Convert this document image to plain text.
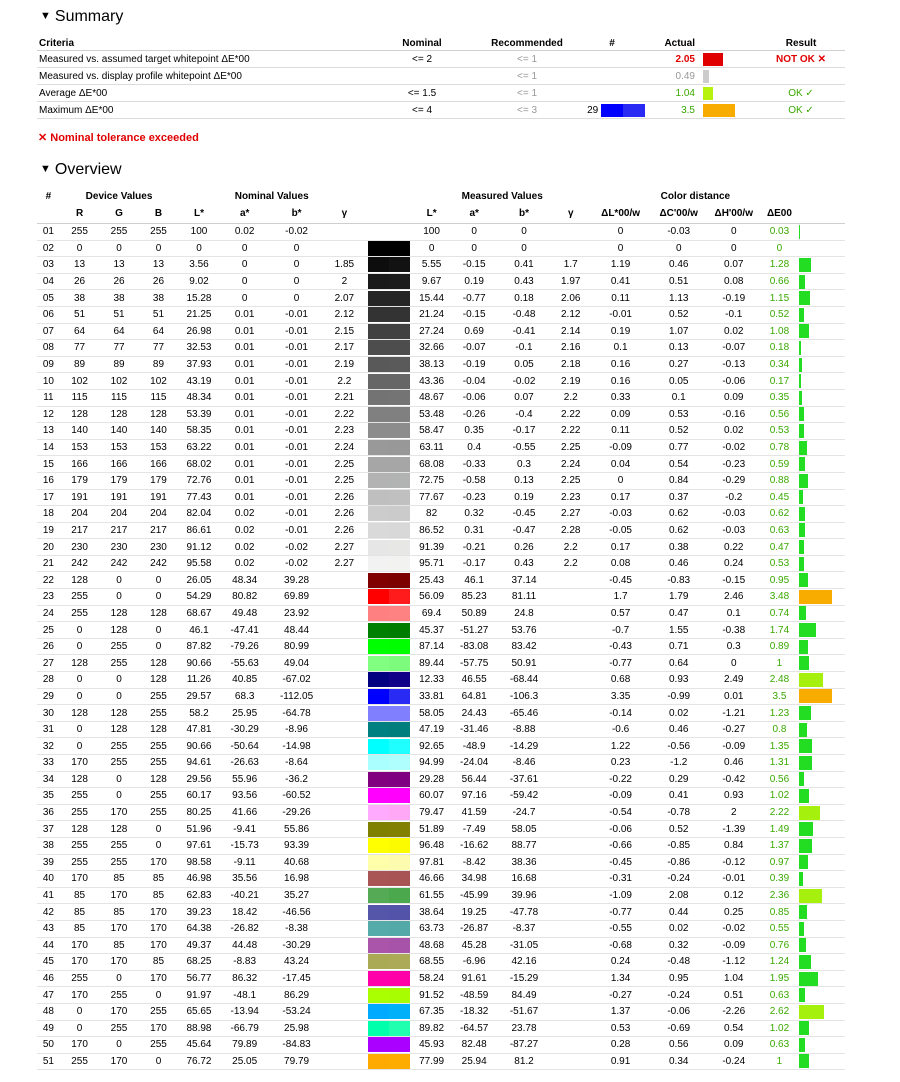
▼ Summary
Criteria	Nominal	Recommended	#	Actual		Result
Measured vs. assumed target whitepoint ΔE*00	<= 2	<= 1		2.05		NOT OK ✕
Measured vs. display profile whitepoint ΔE*00		<= 1		0.49		
Average ΔE*00	<= 1.5	<= 1		1.04		OK ✓
Maximum ΔE*00	<= 4	<= 3	29	3.5		OK ✓
✕ Nominal tolerance exceeded
▼ Overview
#	Device Values			Nominal Values					Measured Values				Color distance				
	R	G	B	L*	a*	b*	γ		L*	a*	b*	γ	ΔL*00/w	ΔC'00/w	ΔH'00/w	ΔE00	
01	255	255	255	100	0.02	-0.02			100	0	0		0	-0.03	0	0.03	

02	0	0	0	0	0	0			0	0	0		0	0	0	0	

03	13	13	13	3.56	0	0	1.85		5.55	-0.15	0.41	1.7	1.19	0.46	0.07	1.28	

04	26	26	26	9.02	0	0	2		9.67	0.19	0.43	1.97	0.41	0.51	0.08	0.66	

05	38	38	38	15.28	0	0	2.07		15.44	-0.77	0.18	2.06	0.11	1.13	-0.19	1.15	

06	51	51	51	21.25	0.01	-0.01	2.12		21.24	-0.15	-0.48	2.12	-0.01	0.52	-0.1	0.52	

07	64	64	64	26.98	0.01	-0.01	2.15		27.24	0.69	-0.41	2.14	0.19	1.07	0.02	1.08	

08	77	77	77	32.53	0.01	-0.01	2.17		32.66	-0.07	-0.1	2.16	0.1	0.13	-0.07	0.18	

09	89	89	89	37.93	0.01	-0.01	2.19		38.13	-0.19	0.05	2.18	0.16	0.27	-0.13	0.34	

10	102	102	102	43.19	0.01	-0.01	2.2		43.36	-0.04	-0.02	2.19	0.16	0.05	-0.06	0.17	

11	115	115	115	48.34	0.01	-0.01	2.21		48.67	-0.06	0.07	2.2	0.33	0.1	0.09	0.35	

12	128	128	128	53.39	0.01	-0.01	2.22		53.48	-0.26	-0.4	2.22	0.09	0.53	-0.16	0.56	

13	140	140	140	58.35	0.01	-0.01	2.23		58.47	0.35	-0.17	2.22	0.11	0.52	0.02	0.53	

14	153	153	153	63.22	0.01	-0.01	2.24		63.11	0.4	-0.55	2.25	-0.09	0.77	-0.02	0.78	

15	166	166	166	68.02	0.01	-0.01	2.25		68.08	-0.33	0.3	2.24	0.04	0.54	-0.23	0.59	

16	179	179	179	72.76	0.01	-0.01	2.25		72.75	-0.58	0.13	2.25	0	0.84	-0.29	0.88	

17	191	191	191	77.43	0.01	-0.01	2.26		77.67	-0.23	0.19	2.23	0.17	0.37	-0.2	0.45	

18	204	204	204	82.04	0.02	-0.01	2.26		82	0.32	-0.45	2.27	-0.03	0.62	-0.03	0.62	

19	217	217	217	86.61	0.02	-0.01	2.26		86.52	0.31	-0.47	2.28	-0.05	0.62	-0.03	0.63	

20	230	230	230	91.12	0.02	-0.02	2.27		91.39	-0.21	0.26	2.2	0.17	0.38	0.22	0.47	

21	242	242	242	95.58	0.02	-0.02	2.27		95.71	-0.17	0.43	2.2	0.08	0.46	0.24	0.53	

22	128	0	0	26.05	48.34	39.28			25.43	46.1	37.14		-0.45	-0.83	-0.15	0.95	

23	255	0	0	54.29	80.82	69.89			56.09	85.23	81.11		1.7	1.79	2.46	3.48	

24	255	128	128	68.67	49.48	23.92			69.4	50.89	24.8		0.57	0.47	0.1	0.74	

25	0	128	0	46.1	-47.41	48.44			45.37	-51.27	53.76		-0.7	1.55	-0.38	1.74	

26	0	255	0	87.82	-79.26	80.99			87.14	-83.08	83.42		-0.43	0.71	0.3	0.89	

27	128	255	128	90.66	-55.63	49.04			89.44	-57.75	50.91		-0.77	0.64	0	1	

28	0	0	128	11.26	40.85	-67.02			12.33	46.55	-68.44		0.68	0.93	2.49	2.48	

29	0	0	255	29.57	68.3	-112.05			33.81	64.81	-106.3		3.35	-0.99	0.01	3.5	

30	128	128	255	58.2	25.95	-64.78			58.05	24.43	-65.46		-0.14	0.02	-1.21	1.23	

31	0	128	128	47.81	-30.29	-8.96			47.19	-31.46	-8.88		-0.6	0.46	-0.27	0.8	

32	0	255	255	90.66	-50.64	-14.98			92.65	-48.9	-14.29		1.22	-0.56	-0.09	1.35	

33	170	255	255	94.61	-26.63	-8.64			94.99	-24.04	-8.46		0.23	-1.2	0.46	1.31	

34	128	0	128	29.56	55.96	-36.2			29.28	56.44	-37.61		-0.22	0.29	-0.42	0.56	

35	255	0	255	60.17	93.56	-60.52			60.07	97.16	-59.42		-0.09	0.41	0.93	1.02	

36	255	170	255	80.25	41.66	-29.26			79.47	41.59	-24.7		-0.54	-0.78	2	2.22	

37	128	128	0	51.96	-9.41	55.86			51.89	-7.49	58.05		-0.06	0.52	-1.39	1.49	

38	255	255	0	97.61	-15.73	93.39			96.48	-16.62	88.77		-0.66	-0.85	0.84	1.37	

39	255	255	170	98.58	-9.11	40.68			97.81	-8.42	38.36		-0.45	-0.86	-0.12	0.97	

40	170	85	85	46.98	35.56	16.98			46.66	34.98	16.68		-0.31	-0.24	-0.01	0.39	

41	85	170	85	62.83	-40.21	35.27			61.55	-45.99	39.96		-1.09	2.08	0.12	2.36	

42	85	85	170	39.23	18.42	-46.56			38.64	19.25	-47.78		-0.77	0.44	0.25	0.85	

43	85	170	170	64.38	-26.82	-8.38			63.73	-26.87	-8.37		-0.55	0.02	-0.02	0.55	

44	170	85	170	49.37	44.48	-30.29			48.68	45.28	-31.05		-0.68	0.32	-0.09	0.76	

45	170	170	85	68.25	-8.83	43.24			68.55	-6.96	42.16		0.24	-0.48	-1.12	1.24	

46	255	0	170	56.77	86.32	-17.45			58.24	91.61	-15.29		1.34	0.95	1.04	1.95	

47	170	255	0	91.97	-48.1	86.29			91.52	-48.59	84.49		-0.27	-0.24	0.51	0.63	

48	0	170	255	65.65	-13.94	-53.24			67.35	-18.32	-51.67		1.37	-0.06	-2.26	2.62	

49	0	255	170	88.98	-66.79	25.98			89.82	-64.57	23.78		0.53	-0.69	0.54	1.02	

50	170	0	255	45.64	79.89	-84.83			45.93	82.48	-87.27		0.28	0.56	0.09	0.63	

51	255	170	0	76.72	25.05	79.79			77.99	25.94	81.2		0.91	0.34	-0.24	1	
